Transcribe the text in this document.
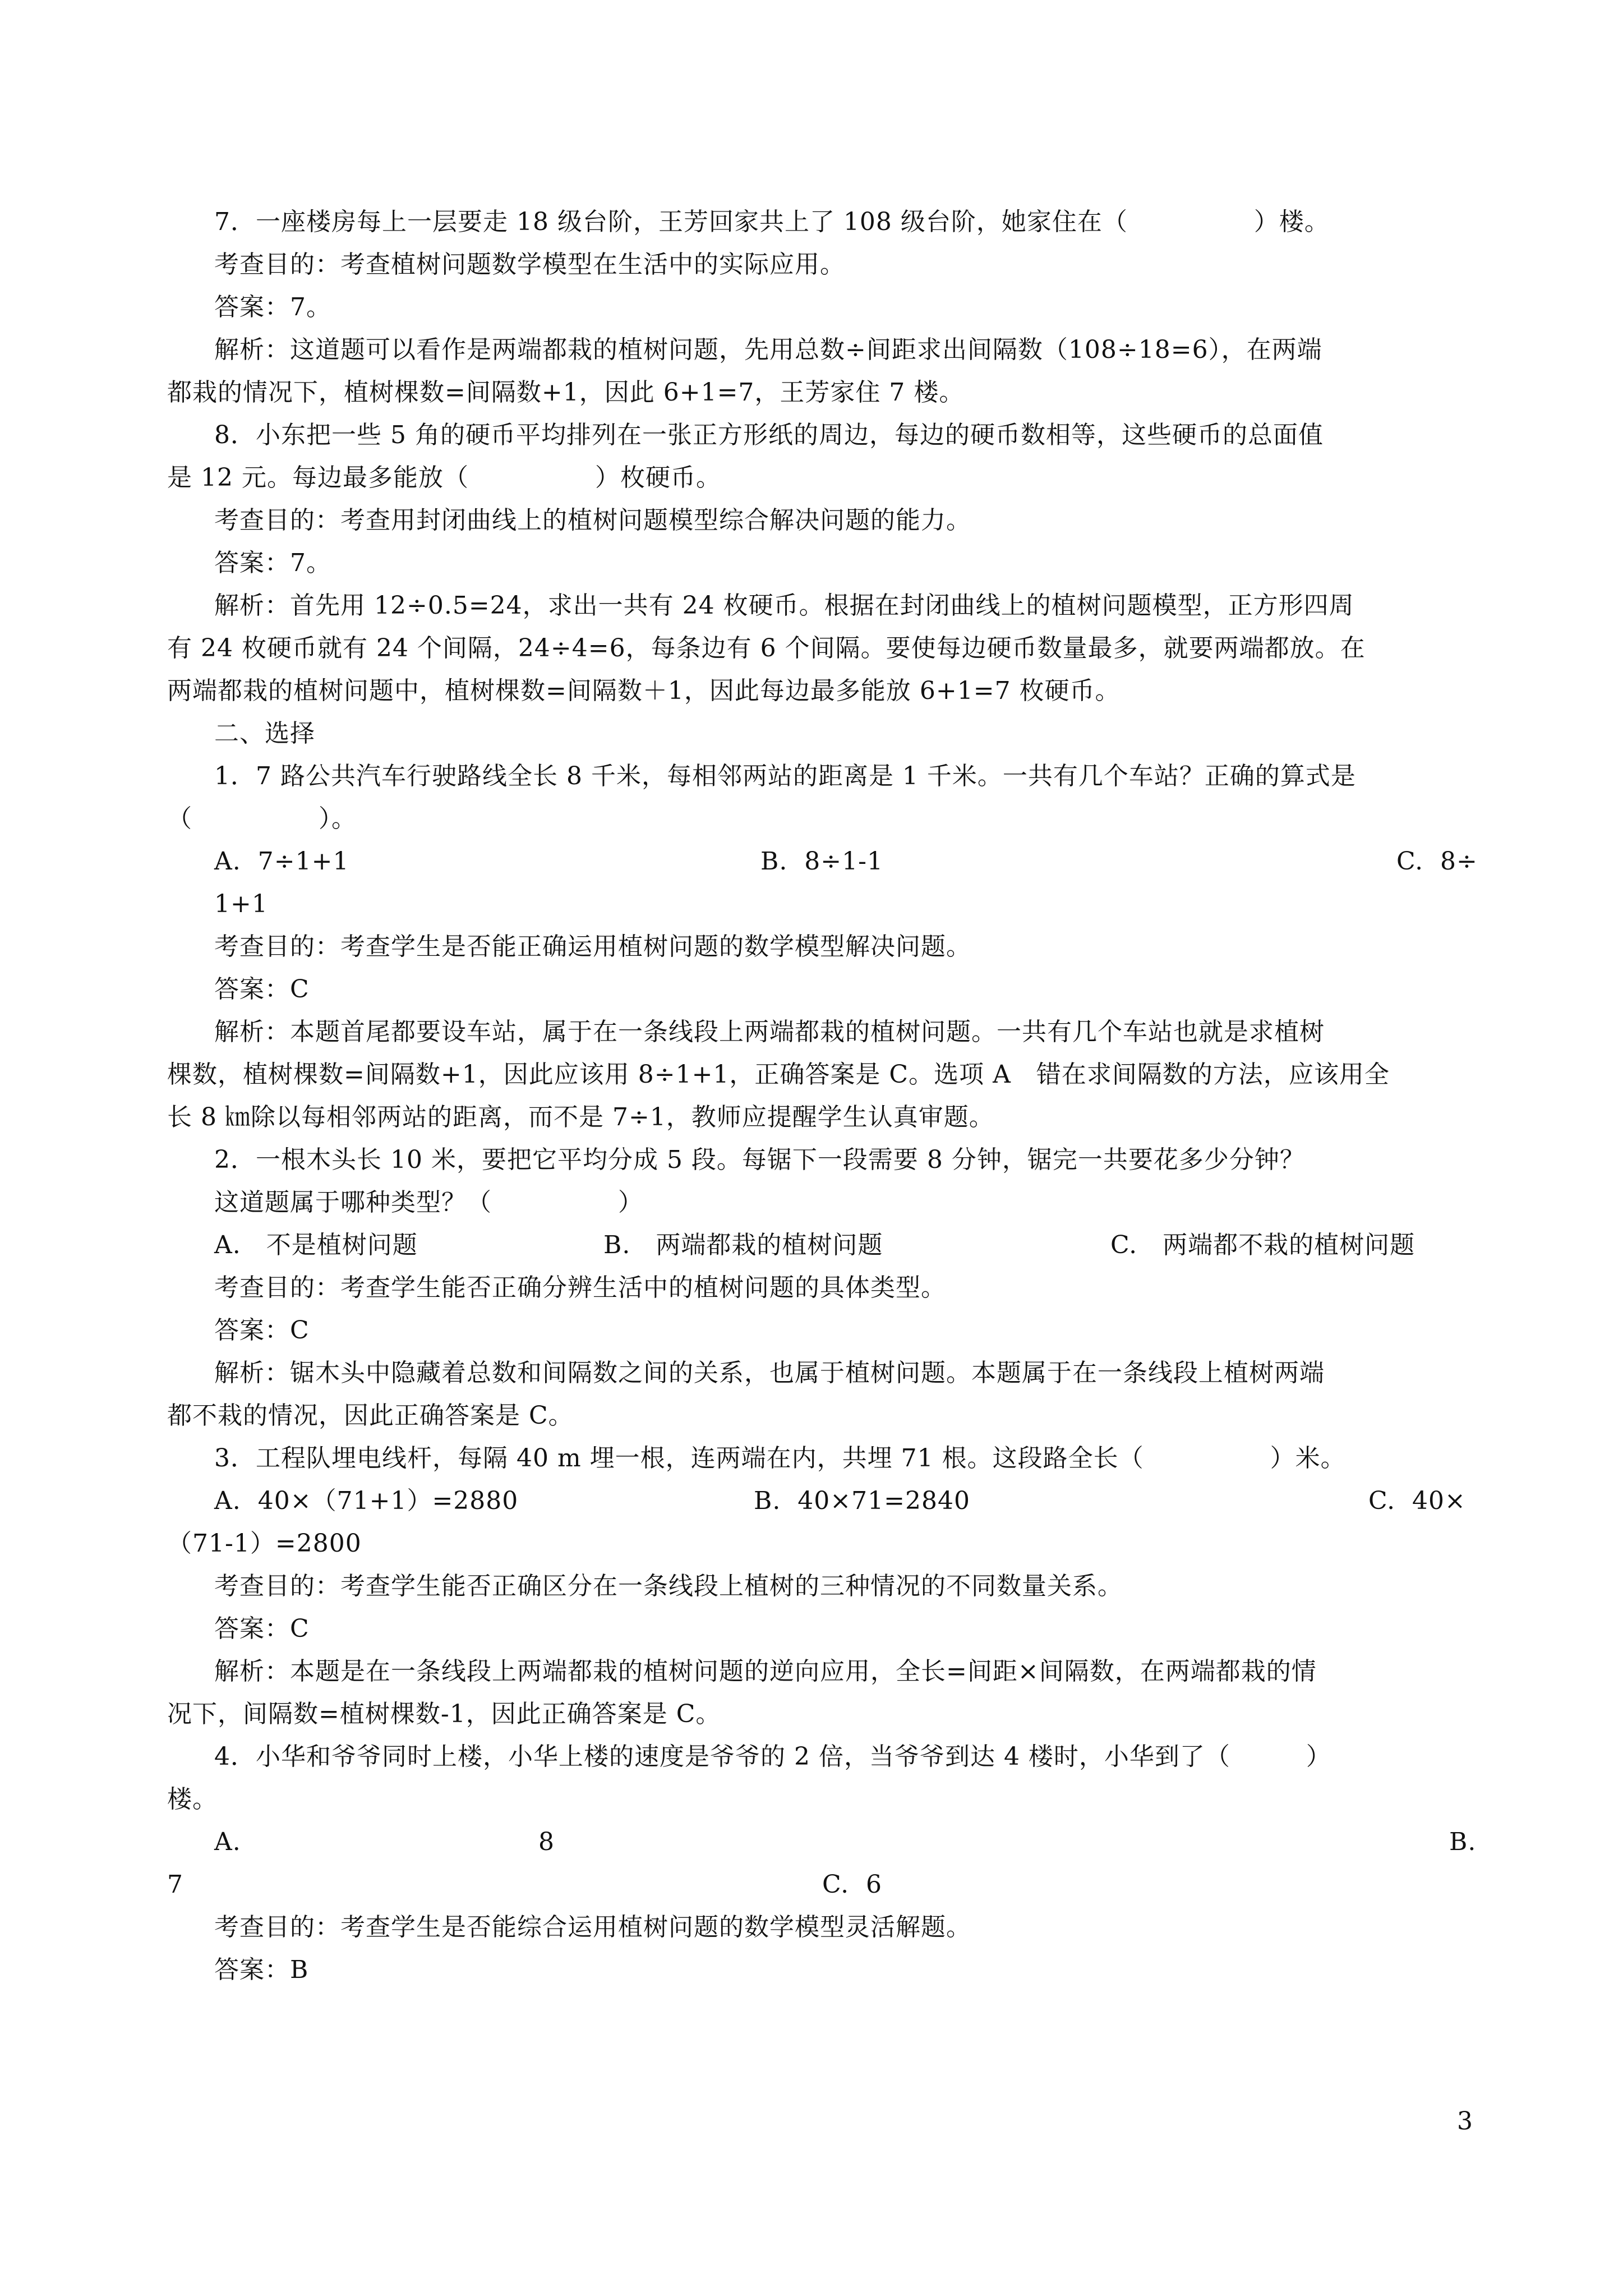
7．一座楼房每上一层要走 18 级台阶，王芳回家共上了 108 级台阶，她家住在（　　　　　）楼。
考查目的：考查植树问题数学模型在生活中的实际应用。
答案：7。
解析：这道题可以看作是两端都栽的植树问题，先用总数÷间距求出间隔数（108÷18=6），在两端
都栽的情况下，植树棵数=间隔数+1，因此 6+1=7，王芳家住 7 楼。
8．小东把一些 5 角的硬币平均排列在一张正方形纸的周边，每边的硬币数相等，这些硬币的总面值
是 12 元。每边最多能放（　　　　　）枚硬币。
考查目的：考查用封闭曲线上的植树问题模型综合解决问题的能力。
答案：7。
解析：首先用 12÷0.5=24，求出一共有 24 枚硬币。根据在封闭曲线上的植树问题模型，正方形四周
有 24 枚硬币就有 24 个间隔，24÷4=6，每条边有 6 个间隔。要使每边硬币数量最多，就要两端都放。在
两端都栽的植树问题中，植树棵数=间隔数＋1，因此每边最多能放 6+1=7 枚硬币。
二、选择
1．7 路公共汽车行驶路线全长 8 千米，每相邻两站的距离是 1 千米。一共有几个车站？正确的算式是
（　　　　　）。
A.  7÷1+1	B.  8÷1-1	C.  8÷
1+1
考查目的：考查学生是否能正确运用植树问题的数学模型解决问题。
答案：C
解析：本题首尾都要设车站，属于在一条线段上两端都栽的植树问题。一共有几个车站也就是求植树
棵数，植树棵数=间隔数+1，因此应该用 8÷1+1，正确答案是 C。选项 A　错在求间隔数的方法，应该用全
长 8 ㎞除以每相邻两站的距离，而不是 7÷1，教师应提醒学生认真审题。
2．一根木头长 10 米，要把它平均分成 5 段。每锯下一段需要 8 分钟，锯完一共要花多少分钟？
这道题属于哪种类型？（　　　　　）
A.　不是植树问题	B.　两端都栽的植树问题	C.　两端都不栽的植树问题
考查目的：考查学生能否正确分辨生活中的植树问题的具体类型。
答案：C
解析：锯木头中隐藏着总数和间隔数之间的关系，也属于植树问题。本题属于在一条线段上植树两端
都不栽的情况，因此正确答案是 C。
3．工程队埋电线杆，每隔 40 m 埋一根，连两端在内，共埋 71 根。这段路全长（　　　　　）米。
A.  40×（71+1）=2880	B.  40×71=2840	C.  40×
（71-1）=2800
考查目的：考查学生能否正确区分在一条线段上植树的三种情况的不同数量关系。
答案：C
解析：本题是在一条线段上两端都栽的植树问题的逆向应用，全长=间距×间隔数，在两端都栽的情
况下，间隔数=植树棵数-1，因此正确答案是 C。
4．小华和爷爷同时上楼，小华上楼的速度是爷爷的 2 倍，当爷爷到达 4 楼时，小华到了（　　　）
楼。
A.	8	B.
7	C.  6
考查目的：考查学生是否能综合运用植树问题的数学模型灵活解题。
答案：B
3
